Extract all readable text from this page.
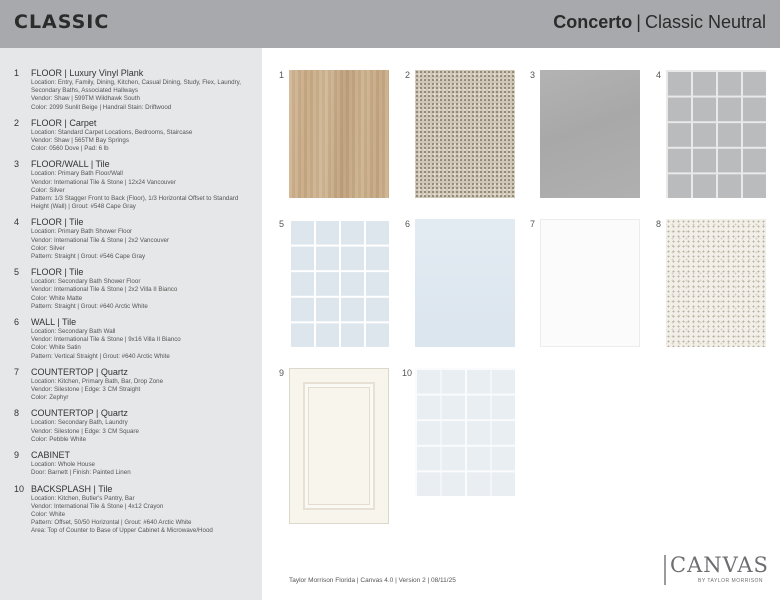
CLASSIC	Concerto | Classic Neutral
1 FLOOR | Luxury Vinyl Plank
Location: Entry, Family, Dining, Kitchen, Casual Dining, Study, Flex, Laundry, Secondary Baths, Associated Hallways
Vendor: Shaw | 599TM Wildhawk South
Color: 2099 Sunlit Beige | Handrail Stain: Driftwood
2 FLOOR | Carpet
Location: Standard Carpet Locations, Bedrooms, Staircase
Vendor: Shaw | 565TM Bay Springs
Color: 0560 Dove | Pad: 6 lb
3 FLOOR/WALL | Tile
Location: Primary Bath Floor/Wall
Vendor: International Tile & Stone | 12x24 Vancouver
Color: Silver
Pattern: 1/3 Stagger Front to Back (Floor), 1/3 Horizontal Offset to Standard Height (Wall) | Grout: #548 Cape Gray
4 FLOOR | Tile
Location: Primary Bath Shower Floor
Vendor: International Tile & Stone | 2x2 Vancouver
Color: Silver
Pattern: Straight | Grout: #546 Cape Gray
5 FLOOR | Tile
Location: Secondary Bath Shower Floor
Vendor: International Tile & Stone | 2x2 Villa II Bianco
Color: White Matte
Pattern: Straight | Grout: #640 Arctic White
6 WALL | Tile
Location: Secondary Bath Wall
Vendor: International Tile & Stone | 9x16 Villa II Bianco
Color: White Satin
Pattern: Vertical Straight | Grout: #640 Arctic White
7 COUNTERTOP | Quartz
Location: Kitchen, Primary Bath, Bar, Drop Zone
Vendor: Silestone | Edge: 3 CM Straight
Color: Zephyr
8 COUNTERTOP | Quartz
Location: Secondary Bath, Laundry
Vendor: Silestone | Edge: 3 CM Square
Color: Pebble White
9 CABINET
Location: Whole House
Door: Barnett | Finish: Painted Linen
10 BACKSPLASH | Tile
Location: Kitchen, Butler's Pantry, Bar
Vendor: International Tile & Stone | 4x12 Crayon
Color: White
Pattern: Offset, 50/50 Horizontal | Grout: #640 Arctic White
Area: Top of Counter to Base of Upper Cabinet & Microwave/Hood
1	2	3	4
5	6	7	8
9	10
Taylor Morrison Florida | Canvas 4.0 | Version 2 | 08/11/25
CANVAS
BY TAYLOR MORRISON
